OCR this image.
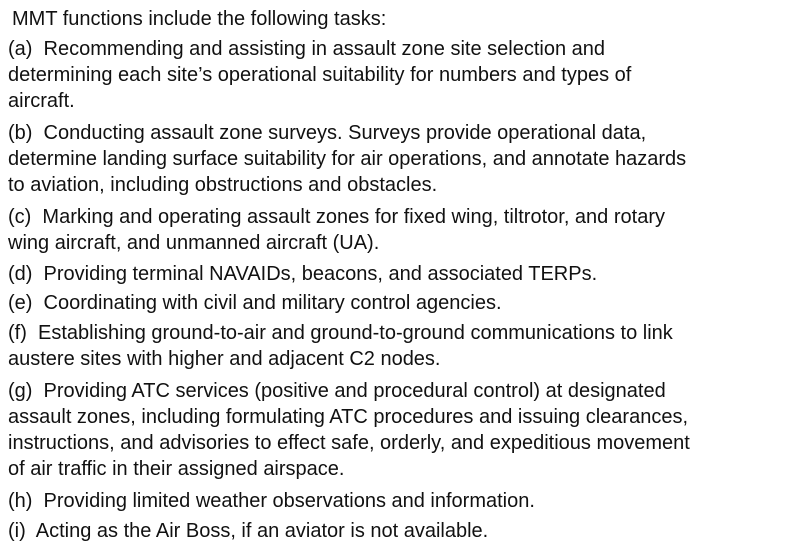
MMT functions include the following tasks:
(a)  Recommending and assisting in assault zone site selection and
determining each site’s operational suitability for numbers and types of
aircraft.
(b)  Conducting assault zone surveys. Surveys provide operational data,
determine landing surface suitability for air operations, and annotate hazards
to aviation, including obstructions and obstacles.
(c)  Marking and operating assault zones for fixed wing, tiltrotor, and rotary
wing aircraft, and unmanned aircraft (UA).
(d)  Providing terminal NAVAIDs, beacons, and associated TERPs.
(e)  Coordinating with civil and military control agencies.
(f)  Establishing ground-to-air and ground-to-ground communications to link
austere sites with higher and adjacent C2 nodes.
(g)  Providing ATC services (positive and procedural control) at designated
assault zones, including formulating ATC procedures and issuing clearances,
instructions, and advisories to effect safe, orderly, and expeditious movement
of air traffic in their assigned airspace.
(h)  Providing limited weather observations and information.
(i)  Acting as the Air Boss, if an aviator is not available.
